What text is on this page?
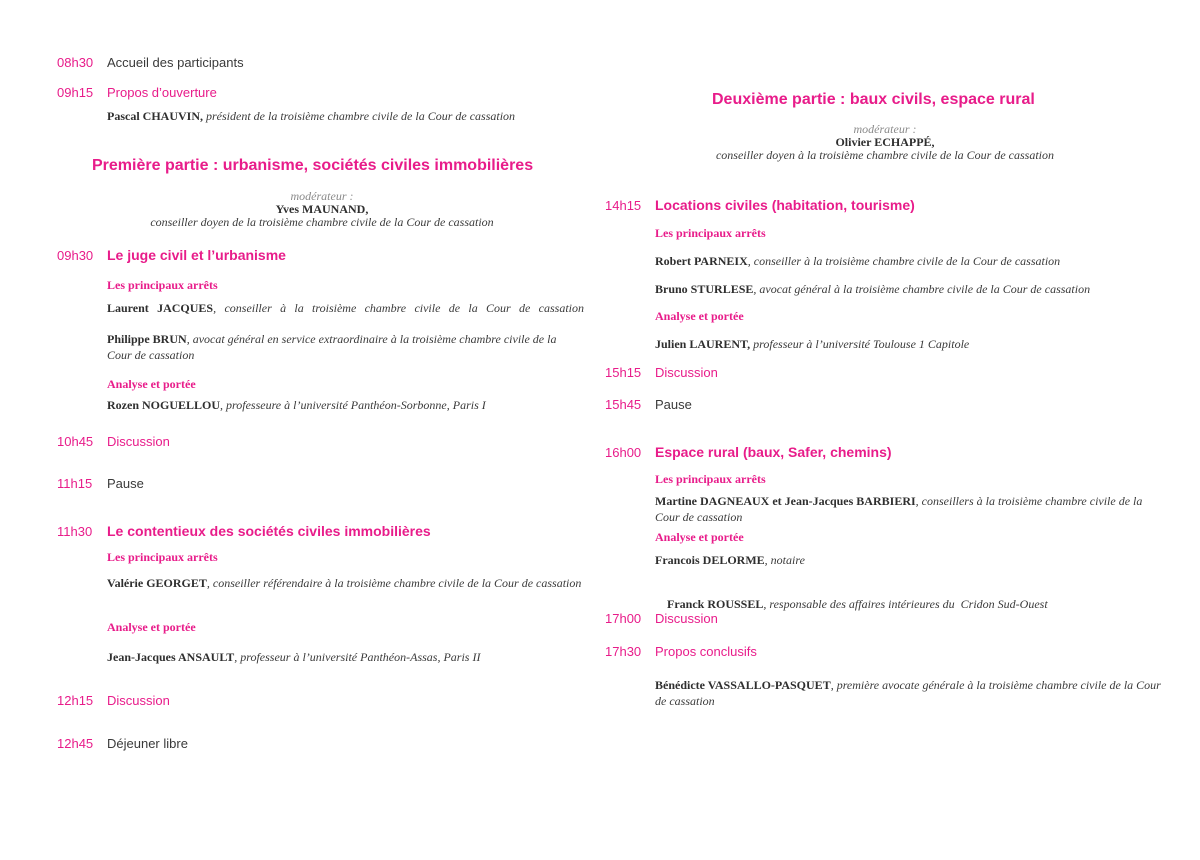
08h30 Accueil des participants
09h15 Propos d’ouverture
Pascal CHAUVIN, président de la troisième chambre civile de la Cour de cassation
Première partie : urbanisme, sociétés civiles immobilières
modérateur :
Yves MAUNAND,
conseiller doyen de la troisième chambre civile de la Cour de cassation
09h30 Le juge civil et l’urbanisme
Les principaux arrêts
Laurent JACQUES, conseiller à la troisième chambre civile de la Cour de cassation
Philippe BRUN, avocat général en service extraordinaire à la troisième chambre civile de la Cour de cassation
Analyse et portée
Rozen NOGUELLOU, professeure à l’université Panthéon-Sorbonne, Paris I
10h45 Discussion
11h15 Pause
11h30 Le contentieux des sociétés civiles immobilières
Les principaux arrêts
Valérie GEORGET, conseiller référendaire à la troisième chambre civile de la Cour de cassation
Analyse et portée
Jean-Jacques ANSAULT, professeur à l’université Panthéon-Assas, Paris II
12h15 Discussion
12h45 Déjeuner libre
Deuxième partie : baux civils, espace rural
modérateur :
Olivier ECHAPPÉ,
conseiller doyen à la troisième chambre civile de la Cour de cassation
14h15 Locations civiles (habitation, tourisme)
Les principaux arrêts
Robert PARNEIX, conseiller à la troisième chambre civile de la Cour de cassation
Bruno STURLESE, avocat général à la troisième chambre civile de la Cour de cassation
Analyse et portée
Julien LAURENT, professeur à l’université Toulouse 1 Capitole
15h15 Discussion
15h45 Pause
16h00 Espace rural (baux, Safer, chemins)
Les principaux arrêts
Martine DAGNEAUX et Jean-Jacques BARBIERI, conseillers à la troisième chambre civile de la Cour de cassation
Analyse et portée
Francois DELORME, notaire

Franck ROUSSEL, responsable des affaires intérieures du  Cridon Sud-Ouest

17h00 Discussion
17h30 Propos conclusifs
Bénédicte VASSALLO-PASQUET, première avocate générale à la troisième chambre civile de la Cour de cassation
